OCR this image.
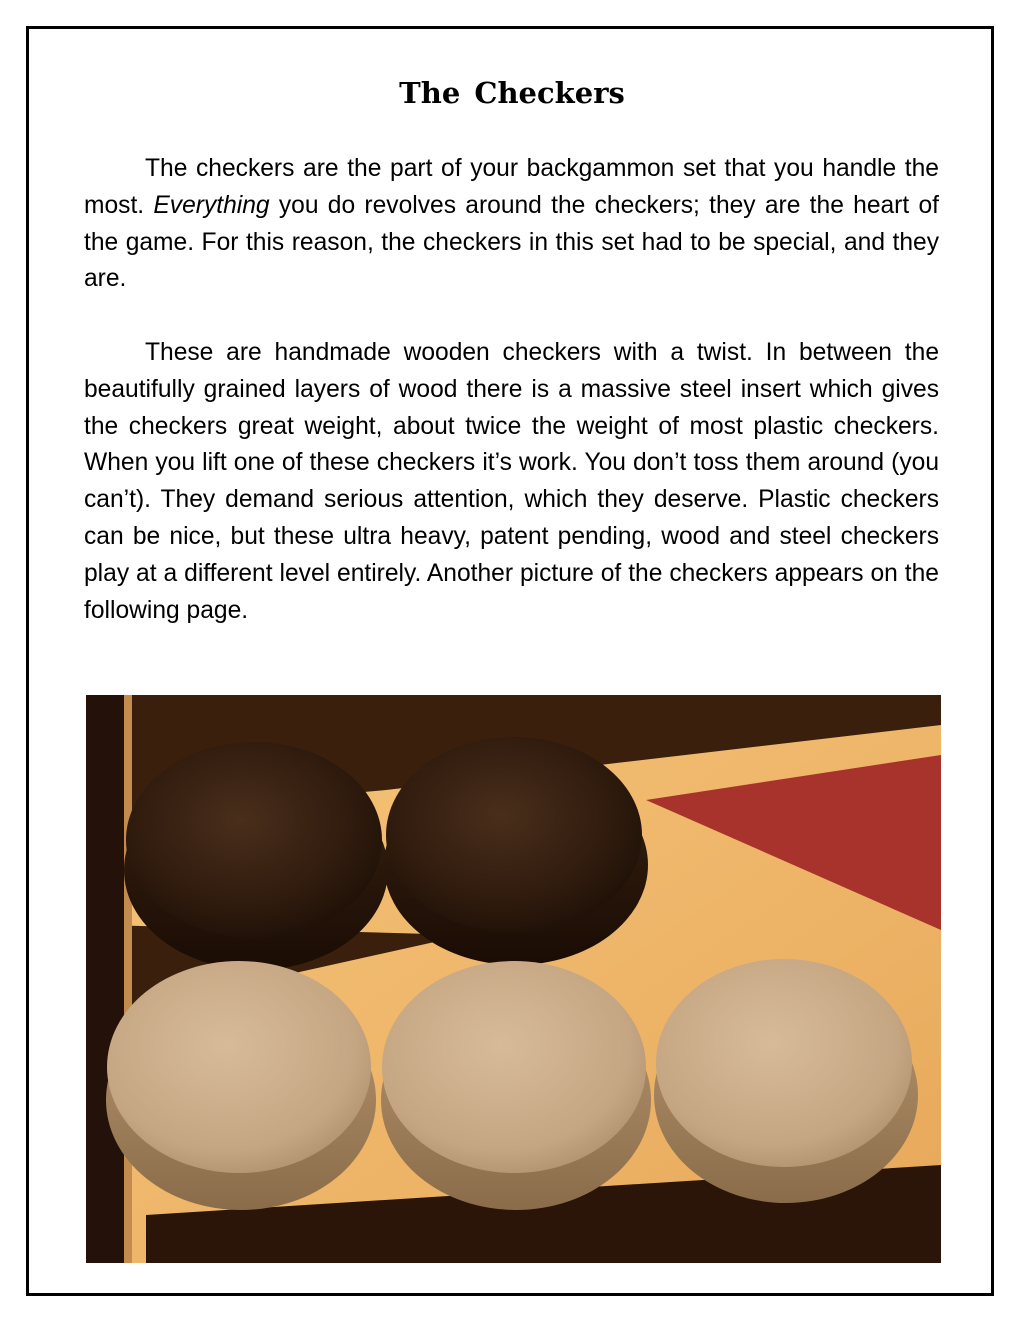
The Checkers

The checkers are the part of your backgammon set that you handle the most. Everything you do revolves around the checkers; they are the heart of the game. For this reason, the checkers in this set had to be special, and they are.

These are handmade wooden checkers with a twist. In between the beautifully grained layers of wood there is a massive steel insert which gives the checkers great weight, about twice the weight of most plastic checkers. When you lift one of these checkers it’s work. You don’t toss them around (you can’t). They demand serious attention, which they deserve. Plastic checkers can be nice, but these ultra heavy, patent pending, wood and steel checkers play at a different level entirely. Another picture of the checkers appears on the following page.
